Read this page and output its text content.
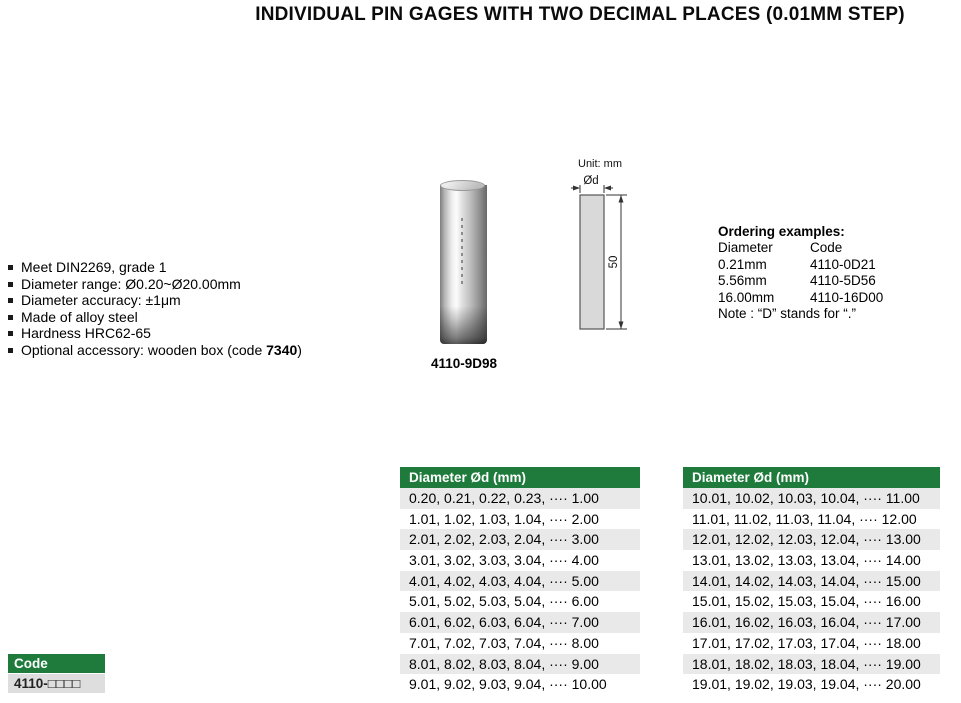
INDIVIDUAL PIN GAGES WITH TWO DECIMAL PLACES (0.01MM STEP)
Meet DIN2269, grade 1
Diameter range: Ø0.20~Ø20.00mm
Diameter accuracy: ±1μm
Made of alloy steel
Hardness HRC62-65
Optional accessory: wooden box (code 7340)
4110-9D98
Unit: mm
Ød
50
Ordering examples:
Diameter	Code
0.21mm	4110-0D21
5.56mm	4110-5D56
16.00mm	4110-16D00
Note : “D” stands for “.”
Code
4110-□□□□
Diameter Ød (mm)
0.20, 0.21, 0.22, 0.23, ···· 1.00
1.01, 1.02, 1.03, 1.04, ···· 2.00
2.01, 2.02, 2.03, 2.04, ···· 3.00
3.01, 3.02, 3.03, 3.04, ···· 4.00
4.01, 4.02, 4.03, 4.04, ···· 5.00
5.01, 5.02, 5.03, 5.04, ···· 6.00
6.01, 6.02, 6.03, 6.04, ···· 7.00
7.01, 7.02, 7.03, 7.04, ···· 8.00
8.01, 8.02, 8.03, 8.04, ···· 9.00
9.01, 9.02, 9.03, 9.04, ···· 10.00
Diameter Ød (mm)
10.01, 10.02, 10.03, 10.04, ···· 11.00
11.01, 11.02, 11.03, 11.04, ···· 12.00
12.01, 12.02, 12.03, 12.04, ···· 13.00
13.01, 13.02, 13.03, 13.04, ···· 14.00
14.01, 14.02, 14.03, 14.04, ···· 15.00
15.01, 15.02, 15.03, 15.04, ···· 16.00
16.01, 16.02, 16.03, 16.04, ···· 17.00
17.01, 17.02, 17.03, 17.04, ···· 18.00
18.01, 18.02, 18.03, 18.04, ···· 19.00
19.01, 19.02, 19.03, 19.04, ···· 20.00
